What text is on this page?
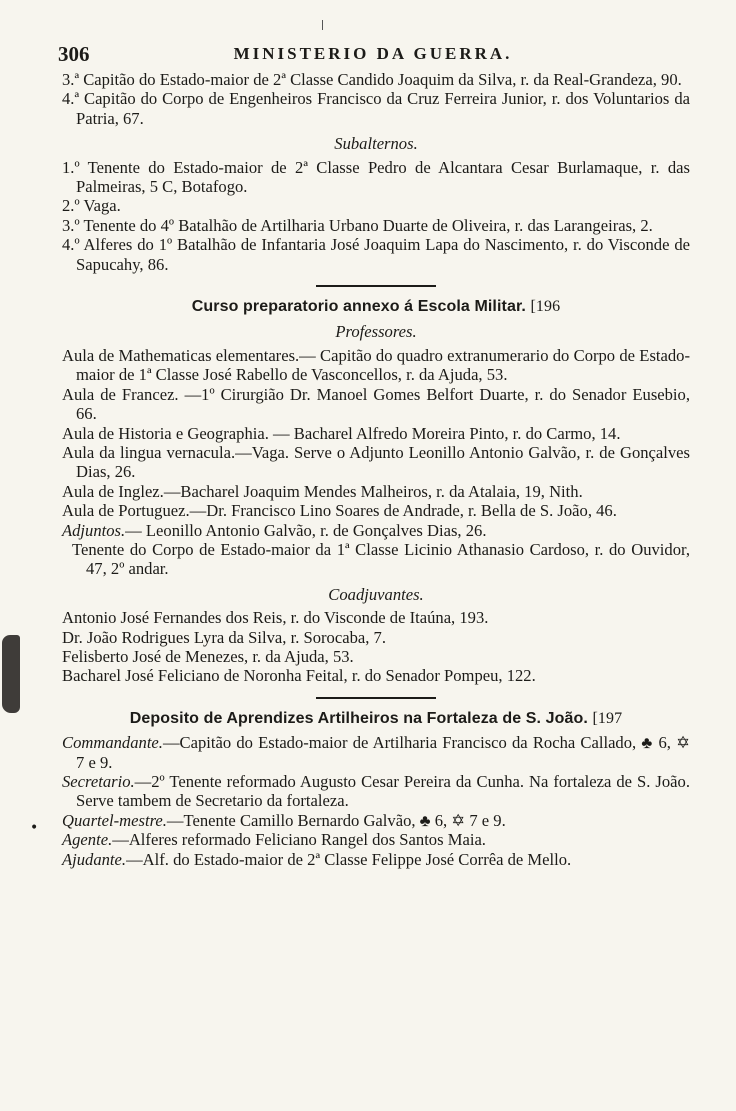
306	MINISTERIO DA GUERRA.
•

3.ª Capitão do Estado-maior de 2ª Classe Candido Joaquim da Silva, r. da Real-Grandeza, 90.

4.ª Capitão do Corpo de Engenheiros Francisco da Cruz Ferreira Junior, r. dos Voluntarios da Patria, 67.

Subalternos.

1.º Tenente do Estado-maior de 2ª Classe Pedro de Alcantara Cesar Burlamaque, r. das Palmeiras, 5 C, Botafogo.

2.º Vaga.

3.º Tenente do 4º Batalhão de Artilharia Urbano Duarte de Oliveira, r. das Larangeiras, 2.

4.º Alferes do 1º Batalhão de Infantaria José Joaquim Lapa do Nascimento, r. do Visconde de Sapucahy, 86.

Curso preparatorio annexo á Escola Militar. [196
Professores.

Aula de Mathematicas elementares.— Capitão do quadro extranumerario do Corpo de Estado-maior de 1ª Classe José Rabello de Vasconcellos, r. da Ajuda, 53.

Aula de Francez. —1º Cirurgião Dr. Manoel Gomes Belfort Duarte, r. do Senador Eusebio, 66.

Aula de Historia e Geographia. — Bacharel Alfredo Moreira Pinto, r. do Carmo, 14.

Aula da lingua vernacula.—Vaga. Serve o Adjunto Leonillo Antonio Galvão, r. de Gonçalves Dias, 26.

Aula de Inglez.—Bacharel Joaquim Mendes Malheiros, r. da Atalaia, 19, Nith.

Aula de Portuguez.—Dr. Francisco Lino Soares de Andrade, r. Bella de S. João, 46.

Adjuntos.— Leonillo Antonio Galvão, r. de Gonçalves Dias, 26.

Tenente do Corpo de Estado-maior da 1ª Classe Licinio Athanasio Cardoso, r. do Ouvidor, 47, 2º andar.

Coadjuvantes.

Antonio José Fernandes dos Reis, r. do Visconde de Itaúna, 193.

Dr. João Rodrigues Lyra da Silva, r. Sorocaba, 7.

Felisberto José de Menezes, r. da Ajuda, 53.

Bacharel José Feliciano de Noronha Feital, r. do Senador Pompeu, 122.

Deposito de Aprendizes Artilheiros na Fortaleza de S. João. [197

Commandante.—Capitão do Estado-maior de Artilharia Francisco da Rocha Callado, ♣ 6, ✡ 7 e 9.

Secretario.—2º Tenente reformado Augusto Cesar Pereira da Cunha. Na fortaleza de S. João. Serve tambem de Secretario da fortaleza.

Quartel-mestre.—Tenente Camillo Bernardo Galvão, ♣ 6, ✡ 7 e 9.

Agente.—Alferes reformado Feliciano Rangel dos Santos Maia.

Ajudante.—Alf. do Estado-maior de 2ª Classe Felippe José Corrêa de Mello.
